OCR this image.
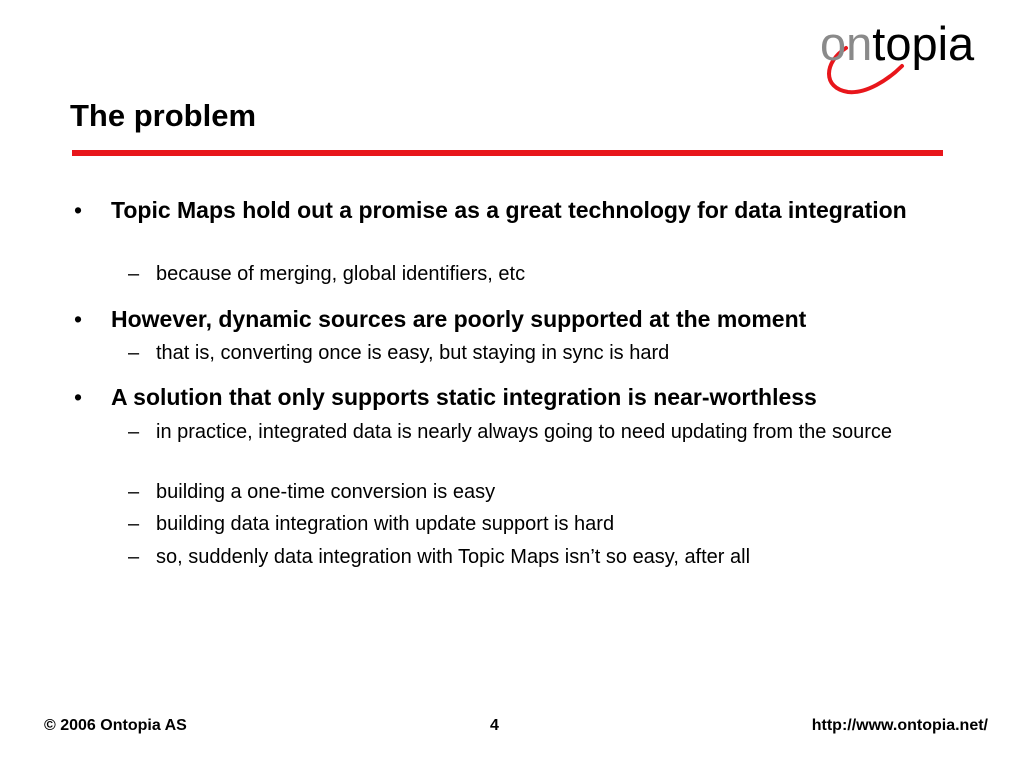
ontopia
The problem
• Topic Maps hold out a promise as a great technology for data integration
– because of merging, global identifiers, etc
• However, dynamic sources are poorly supported at the moment
– that is, converting once is easy, but staying in sync is hard
• A solution that only supports static integration is near-worthless
– in practice, integrated data is nearly always going to need updating from the source
– building a one-time conversion is easy
– building data integration with update support is hard
– so, suddenly data integration with Topic Maps isn’t so easy, after all
© 2006 Ontopia AS	4	http://www.ontopia.net/
